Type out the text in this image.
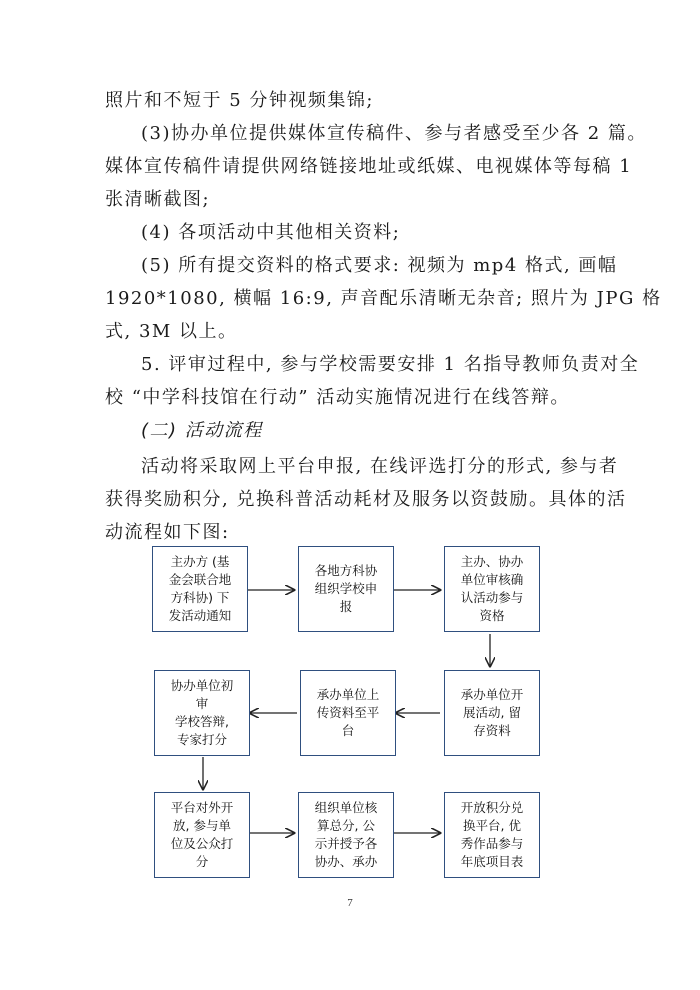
照片和不短于 5 分钟视频集锦;
(3)协办单位提供媒体宣传稿件、参与者感受至少各 2 篇。
媒体宣传稿件请提供网络链接地址或纸媒、电视媒体等每稿 1
张清晰截图;
(4) 各项活动中其他相关资料;
(5) 所有提交资料的格式要求: 视频为 mp4 格式, 画幅
1920*1080, 横幅 16:9, 声音配乐清晰无杂音; 照片为 JPG 格
式, 3M 以上。
5. 评审过程中, 参与学校需要安排 1 名指导教师负责对全
校 “中学科技馆在行动” 活动实施情况进行在线答辩。
(二) 活动流程
活动将采取网上平台申报, 在线评选打分的形式, 参与者
获得奖励积分, 兑换科普活动耗材及服务以资鼓励。具体的活
动流程如下图:
主办方 (基
金会联合地
方科协) 下
发活动通知
各地方科协
组织学校申
报
主办、协办
单位审核确
认活动参与
资格
承办单位开
展活动, 留
存资料
承办单位上
传资料至平
台
协办单位初
审
学校答辩,
专家打分
平台对外开
放, 参与单
位及公众打
分
组织单位核
算总分, 公
示并授予各
协办、承办
开放积分兑
换平台, 优
秀作品参与
年底项目表
7
